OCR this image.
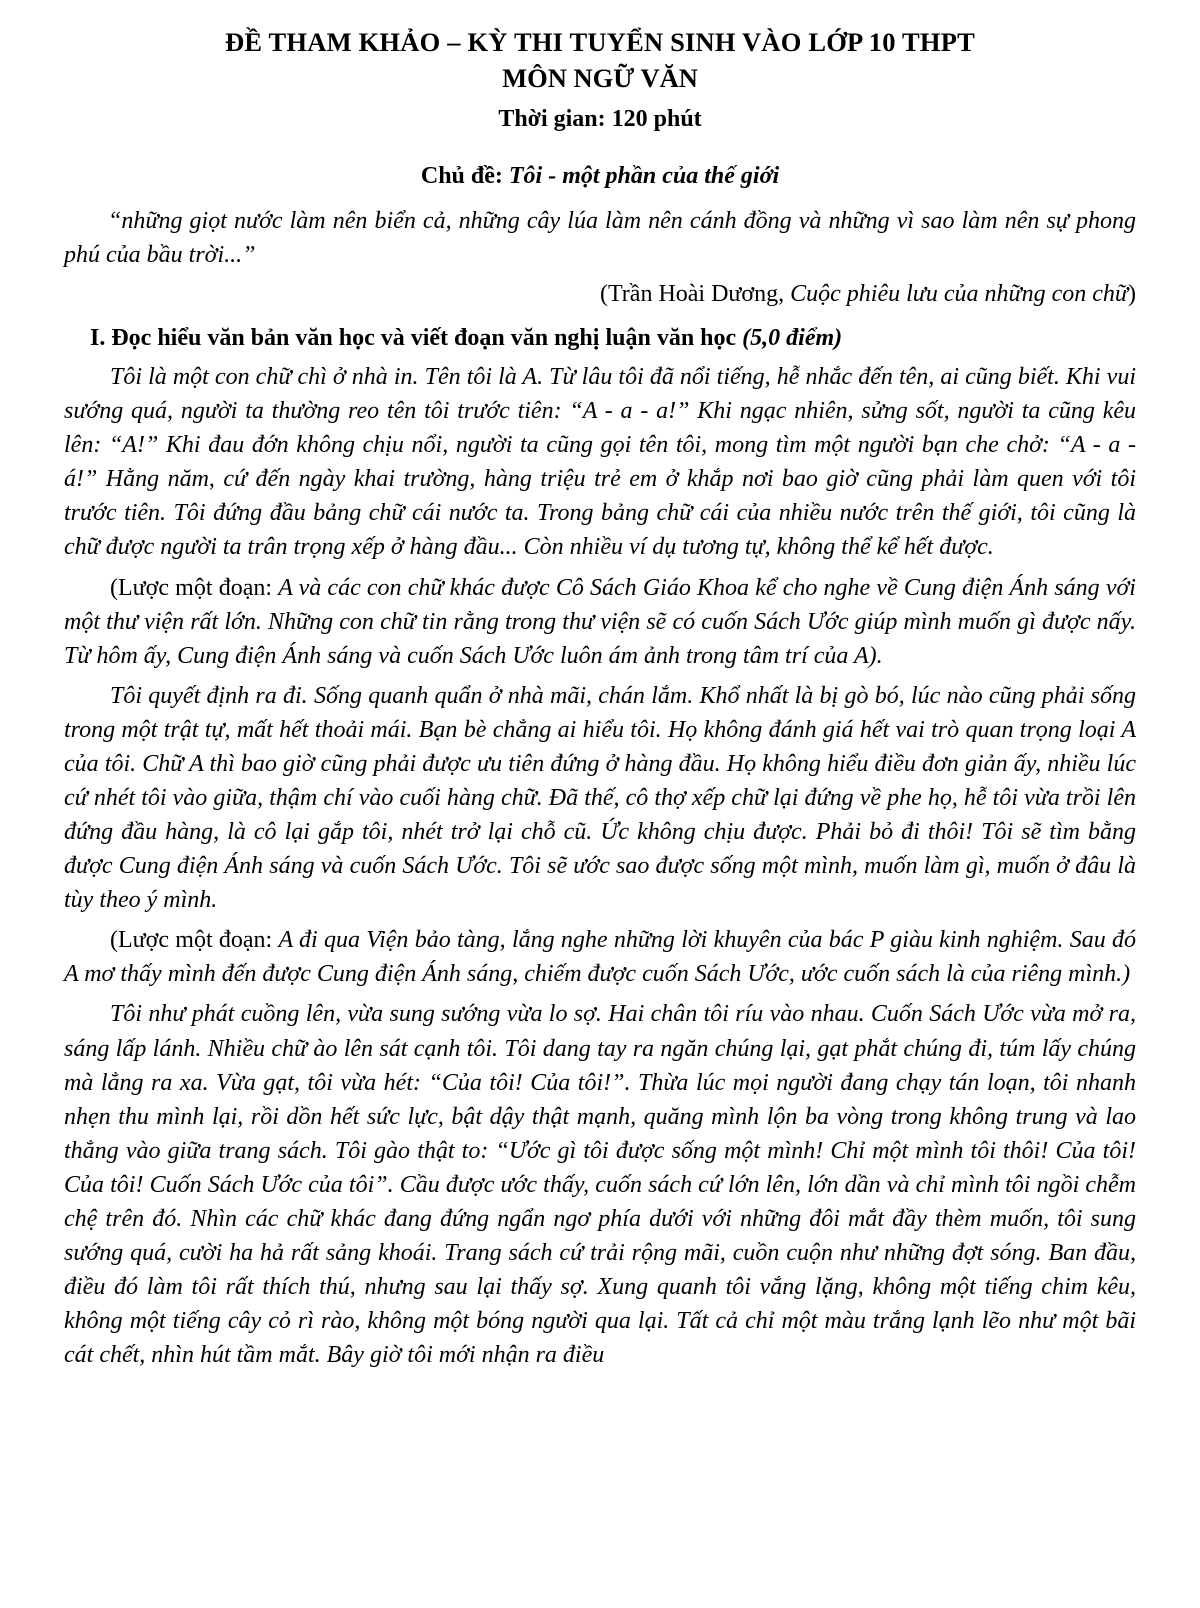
ĐỀ THAM KHẢO – KỲ THI TUYỂN SINH VÀO LỚP 10 THPT
MÔN NGỮ VĂN
Thời gian: 120 phút
Chủ đề: Tôi - một phần của thế giới
“những giọt nước làm nên biển cả, những cây lúa làm nên cánh đồng và những vì sao làm nên sự phong phú của bầu trời...”
(Trần Hoài Dương, Cuộc phiêu lưu của những con chữ)
I. Đọc hiểu văn bản văn học và viết đoạn văn nghị luận văn học (5,0 điểm)

Tôi là một con chữ chì ở nhà in. Tên tôi là A. Từ lâu tôi đã nổi tiếng, hễ nhắc đến tên, ai cũng biết. Khi vui sướng quá, người ta thường reo tên tôi trước tiên: “A - a - a!” Khi ngạc nhiên, sửng sốt, người ta cũng kêu lên: “A!” Khi đau đớn không chịu nổi, người ta cũng gọi tên tôi, mong tìm một người bạn che chở: “A - a - á!” Hằng năm, cứ đến ngày khai trường, hàng triệu trẻ em ở khắp nơi bao giờ cũng phải làm quen với tôi trước tiên. Tôi đứng đầu bảng chữ cái nước ta. Trong bảng chữ cái của nhiều nước trên thế giới, tôi cũng là chữ được người ta trân trọng xếp ở hàng đầu... Còn nhiều ví dụ tương tự, không thể kể hết được.

(Lược một đoạn: A và các con chữ khác được Cô Sách Giáo Khoa kể cho nghe về Cung điện Ánh sáng với một thư viện rất lớn. Những con chữ tin rằng trong thư viện sẽ có cuốn Sách Ước giúp mình muốn gì được nấy. Từ hôm ấy, Cung điện Ánh sáng và cuốn Sách Ước luôn ám ảnh trong tâm trí của A).

Tôi quyết định ra đi. Sống quanh quẩn ở nhà mãi, chán lắm. Khổ nhất là bị gò bó, lúc nào cũng phải sống trong một trật tự, mất hết thoải mái. Bạn bè chẳng ai hiểu tôi. Họ không đánh giá hết vai trò quan trọng loại A của tôi. Chữ A thì bao giờ cũng phải được ưu tiên đứng ở hàng đầu. Họ không hiểu điều đơn giản ấy, nhiều lúc cứ nhét tôi vào giữa, thậm chí vào cuối hàng chữ. Đã thế, cô thợ xếp chữ lại đứng về phe họ, hễ tôi vừa trồi lên đứng đầu hàng, là cô lại gắp tôi, nhét trở lại chỗ cũ. Ức không chịu được. Phải bỏ đi thôi! Tôi sẽ tìm bằng được Cung điện Ánh sáng và cuốn Sách Ước. Tôi sẽ ước sao được sống một mình, muốn làm gì, muốn ở đâu là tùy theo ý mình.

(Lược một đoạn: A đi qua Viện bảo tàng, lắng nghe những lời khuyên của bác P giàu kinh nghiệm. Sau đó A mơ thấy mình đến được Cung điện Ánh sáng, chiếm được cuốn Sách Ước, ước cuốn sách là của riêng mình.)

Tôi như phát cuồng lên, vừa sung sướng vừa lo sợ. Hai chân tôi ríu vào nhau. Cuốn Sách Ước vừa mở ra, sáng lấp lánh. Nhiều chữ ào lên sát cạnh tôi. Tôi dang tay ra ngăn chúng lại, gạt phắt chúng đi, túm lấy chúng mà lẳng ra xa. Vừa gạt, tôi vừa hét: “Của tôi! Của tôi!”. Thừa lúc mọi người đang chạy tán loạn, tôi nhanh nhẹn thu mình lại, rồi dồn hết sức lực, bật dậy thật mạnh, quăng mình lộn ba vòng trong không trung và lao thẳng vào giữa trang sách. Tôi gào thật to: “Ước gì tôi được sống một mình! Chỉ một mình tôi thôi! Của tôi! Của tôi! Cuốn Sách Ước của tôi”. Cầu được ước thấy, cuốn sách cứ lớn lên, lớn dần và chỉ mình tôi ngồi chễm chệ trên đó. Nhìn các chữ khác đang đứng ngẩn ngơ phía dưới với những đôi mắt đầy thèm muốn, tôi sung sướng quá, cười ha hả rất sảng khoái. Trang sách cứ trải rộng mãi, cuồn cuộn như những đợt sóng. Ban đầu, điều đó làm tôi rất thích thú, nhưng sau lại thấy sợ. Xung quanh tôi vắng lặng, không một tiếng chim kêu, không một tiếng cây cỏ rì rào, không một bóng người qua lại. Tất cả chỉ một màu trắng lạnh lẽo như một bãi cát chết, nhìn hút tầm mắt. Bây giờ tôi mới nhận ra điều
